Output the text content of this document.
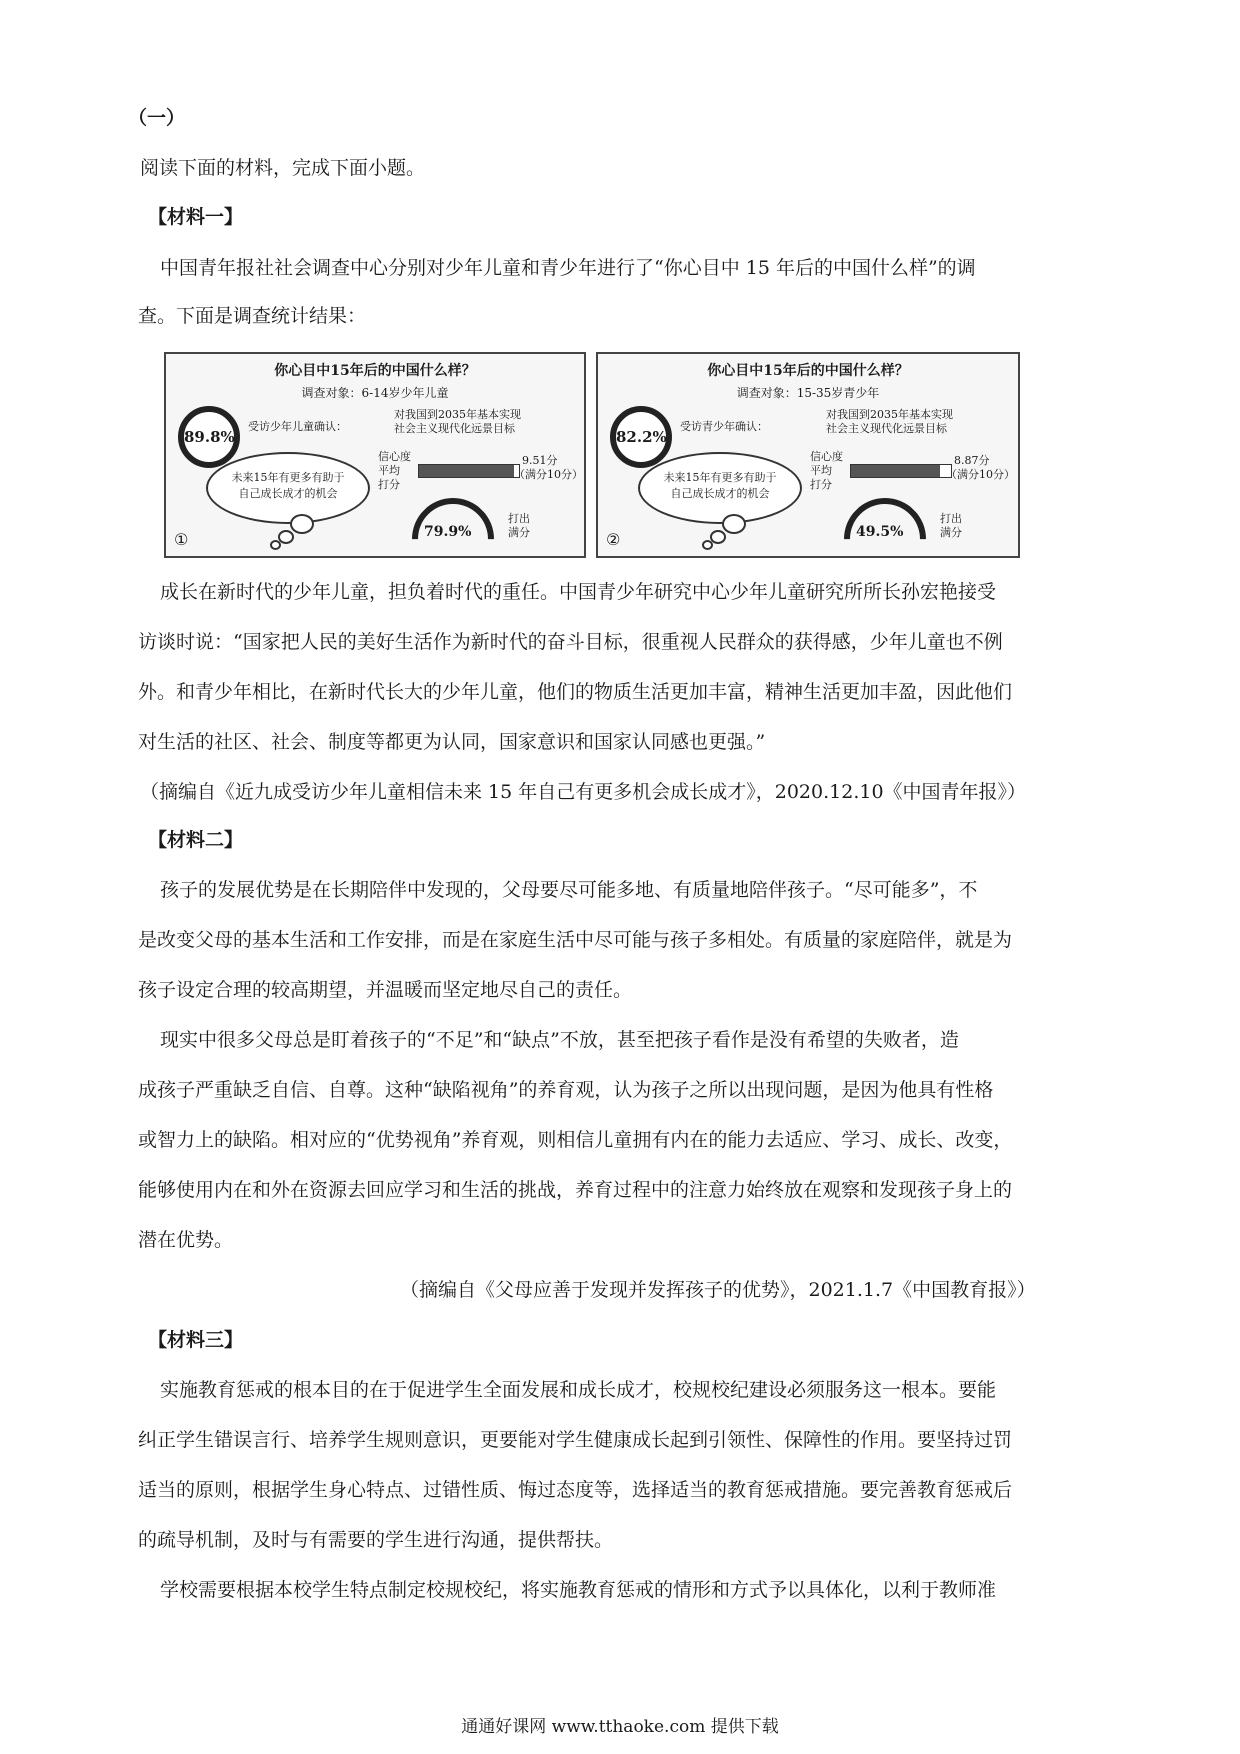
（一）
阅读下面的材料，完成下面小题。
【材料一】
中国青年报社社会调查中心分别对少年儿童和青少年进行了“你心目中 15 年后的中国什么样”的调
查。下面是调查统计结果：
你心目中15年后的中国什么样？
调查对象：6-14岁少年儿童
89.8%
受访少年儿童确认：
未来15年有更多有助于
自己成长成才的机会
对我国到2035年基本实现
社会主义现代化远景目标
信心度
平均
打分
9.51分
（满分10分）
79.9%
打出
满分
①
你心目中15年后的中国什么样？
调查对象：15-35岁青少年
82.2%
受访青少年确认：
未来15年有更多有助于
自己成长成才的机会
对我国到2035年基本实现
社会主义现代化远景目标
信心度
平均
打分
8.87分
（满分10分）
49.5%
打出
满分
②
成长在新时代的少年儿童，担负着时代的重任。中国青少年研究中心少年儿童研究所所长孙宏艳接受
访谈时说：“国家把人民的美好生活作为新时代的奋斗目标，很重视人民群众的获得感，少年儿童也不例
外。和青少年相比，在新时代长大的少年儿童，他们的物质生活更加丰富，精神生活更加丰盈，因此他们
对生活的社区、社会、制度等都更为认同，国家意识和国家认同感也更强。”
（摘编自《近九成受访少年儿童相信未来 15 年自己有更多机会成长成才》，2020.12.10《中国青年报》）
【材料二】
孩子的发展优势是在长期陪伴中发现的，父母要尽可能多地、有质量地陪伴孩子。“尽可能多”，不
是改变父母的基本生活和工作安排，而是在家庭生活中尽可能与孩子多相处。有质量的家庭陪伴，就是为
孩子设定合理的较高期望，并温暖而坚定地尽自己的责任。
现实中很多父母总是盯着孩子的“不足”和“缺点”不放，甚至把孩子看作是没有希望的失败者，造
成孩子严重缺乏自信、自尊。这种“缺陷视角”的养育观，认为孩子之所以出现问题，是因为他具有性格
或智力上的缺陷。相对应的“优势视角”养育观，则相信儿童拥有内在的能力去适应、学习、成长、改变，
能够使用内在和外在资源去回应学习和生活的挑战，养育过程中的注意力始终放在观察和发现孩子身上的
潜在优势。
（摘编自《父母应善于发现并发挥孩子的优势》，2021.1.7《中国教育报》）
【材料三】
实施教育惩戒的根本目的在于促进学生全面发展和成长成才，校规校纪建设必须服务这一根本。要能
纠正学生错误言行、培养学生规则意识，更要能对学生健康成长起到引领性、保障性的作用。要坚持过罚
适当的原则，根据学生身心特点、过错性质、悔过态度等，选择适当的教育惩戒措施。要完善教育惩戒后
的疏导机制，及时与有需要的学生进行沟通，提供帮扶。
学校需要根据本校学生特点制定校规校纪，将实施教育惩戒的情形和方式予以具体化，以利于教师准
通通好课网 www.tthaoke.com 提供下载
